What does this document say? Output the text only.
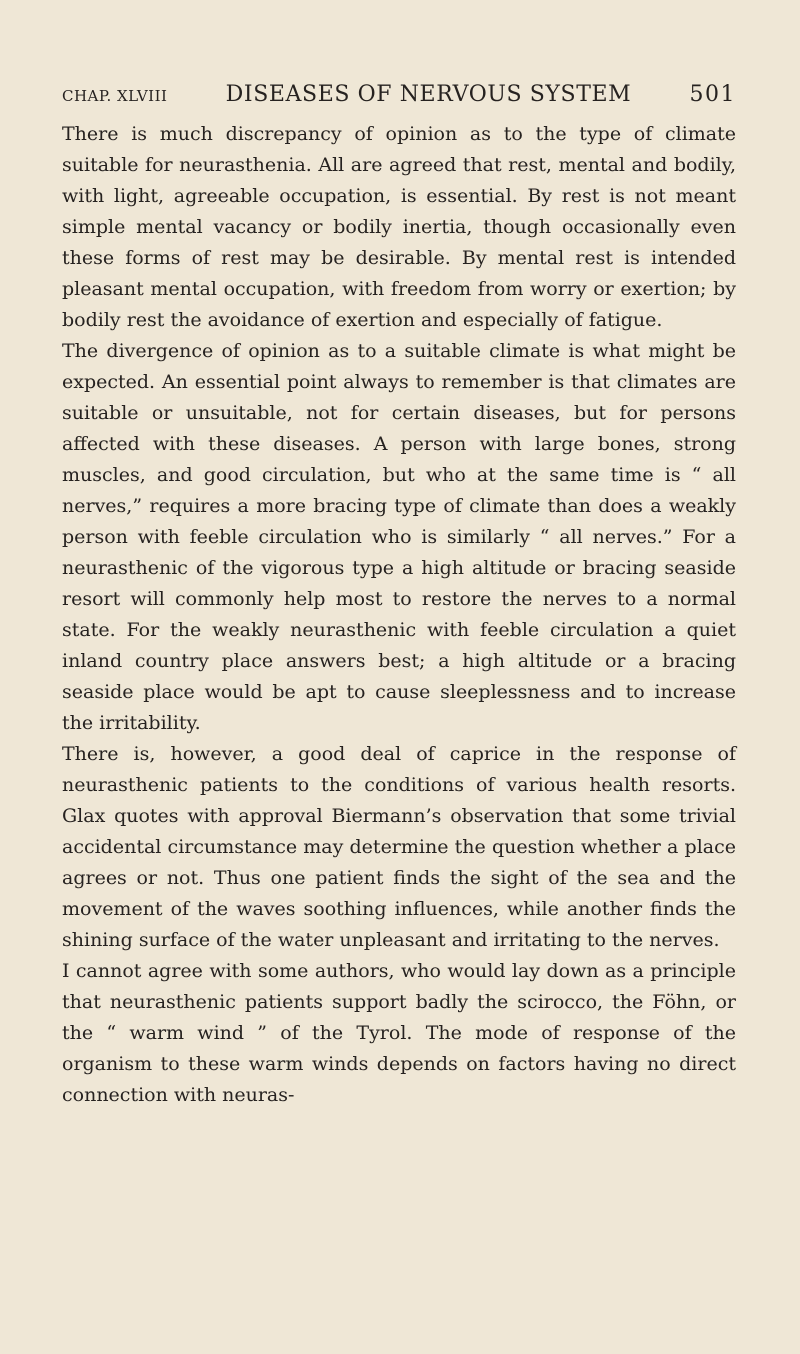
CHAP. XLVIII	DISEASES OF NERVOUS SYSTEM	501

There is much discrepancy of opinion as to the type of climate suitable for neurasthenia. All are agreed that rest, mental and bodily, with light, agreeable occupation, is essential. By rest is not meant simple mental vacancy or bodily inertia, though occasionally even these forms of rest may be desirable. By mental rest is intended pleasant mental occupation, with freedom from worry or exertion; by bodily rest the avoidance of exertion and especially of fatigue.

The divergence of opinion as to a suitable climate is what might be expected. An essential point always to remember is that climates are suitable or unsuitable, not for certain diseases, but for persons affected with these diseases. A person with large bones, strong muscles, and good circulation, but who at the same time is “ all nerves,” requires a more bracing type of climate than does a weakly person with feeble circulation who is similarly “ all nerves.” For a neurasthenic of the vigorous type a high altitude or bracing seaside resort will commonly help most to restore the nerves to a normal state. For the weakly neurasthenic with feeble circulation a quiet inland country place answers best; a high altitude or a bracing seaside place would be apt to cause sleeplessness and to increase the irritability.

There is, however, a good deal of caprice in the response of neurasthenic patients to the conditions of various health resorts. Glax quotes with approval Biermann’s observation that some trivial accidental circumstance may determine the question whether a place agrees or not. Thus one patient finds the sight of the sea and the movement of the waves soothing influences, while another finds the shining surface of the water unpleasant and irritating to the nerves.

I cannot agree with some authors, who would lay down as a principle that neurasthenic patients support badly the scirocco, the Föhn, or the “ warm wind ” of the Tyrol. The mode of response of the organism to these warm winds depends on factors having no direct connection with neuras-
